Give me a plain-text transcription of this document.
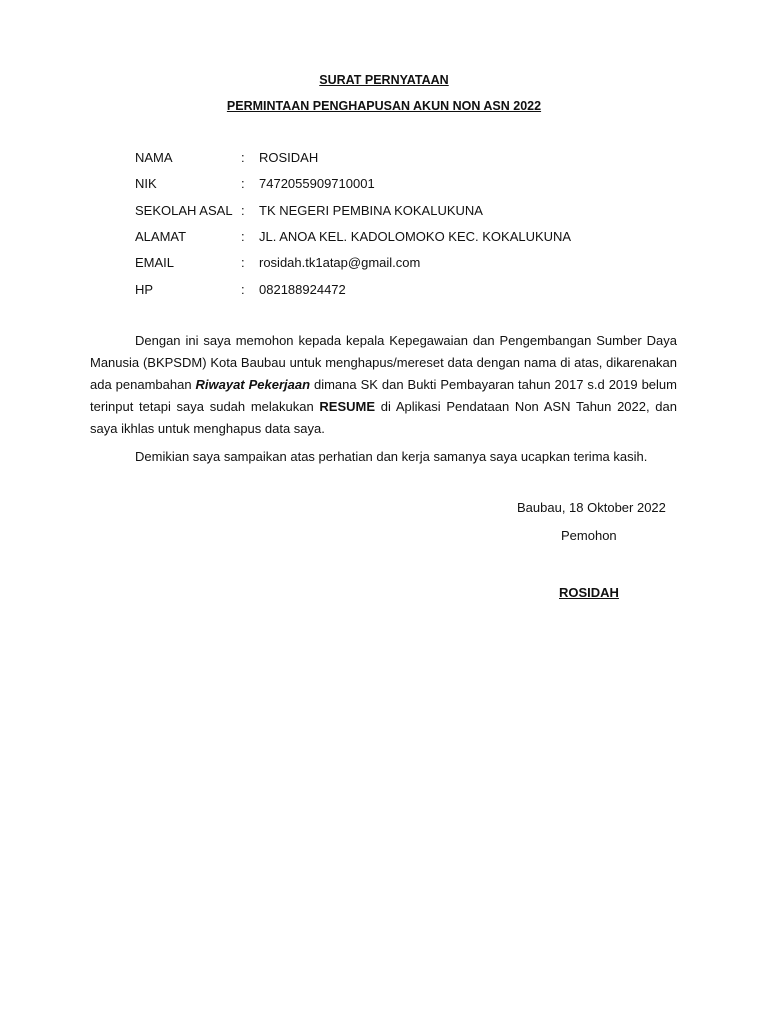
SURAT PERNYATAAN
PERMINTAAN PENGHAPUSAN AKUN NON ASN 2022
NAMA	: ROSIDAH
NIK	: 7472055909710001
SEKOLAH ASAL : TK NEGERI PEMBINA KOKALUKUNA
ALAMAT	: JL. ANOA KEL. KADOLOMOKO KEC. KOKALUKUNA
EMAIL	: rosidah.tk1atap@gmail.com
HP	: 082188924472

Dengan ini saya memohon kepada kepala Kepegawaian dan Pengembangan Sumber Daya Manusia (BKPSDM) Kota Baubau untuk menghapus/mereset data dengan nama di atas, dikarenakan ada penambahan Riwayat Pekerjaan dimana SK dan Bukti Pembayaran tahun 2017 s.d 2019 belum terinput tetapi saya sudah melakukan RESUME di Aplikasi Pendataan Non ASN Tahun 2022, dan saya ikhlas untuk menghapus data saya.

Demikian saya sampaikan atas perhatian dan kerja samanya saya ucapkan terima kasih.

Baubau, 18 Oktober 2022
Pemohon
ROSIDAH
